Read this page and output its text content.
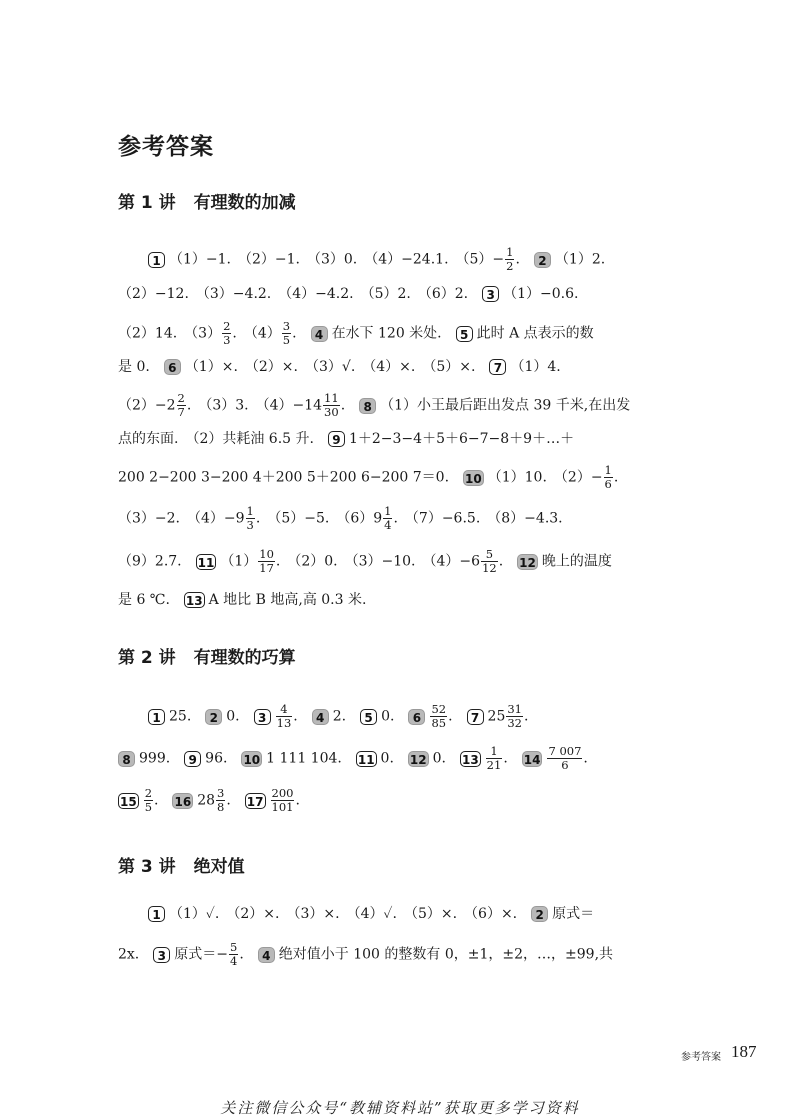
参考答案
第 1 讲 有理数的加减
1 （1）−1.　（2）−1.　（3）0.　（4）−24.1.　$(5)- \frac{1}{2}$ .　2 （1）2.
（2）−12.　（3）−4.2.　（4）−4.2.　（5）2.　（6）2.　3 （1）−0.6.
（2）14.　$(3) \frac{2}{3}$ .　$(4) \frac{3}{5}$ .　4 在水下 120 米处.　5 此时 A 点表示的数
是 0.　6 （1）×.　（2）×.　（3）√.　（4）×.　（5）×.　7 （1）4.
$(2)-2 \frac{2}{7}$ .　（3）3.　$(4)-14 \frac{11}{30}$ .　8 （1）小王最后距出发点 39 千米,在出发
点的东面.　（2）共耗油 6.5 升.　9 1＋2−3−4＋5＋6−7−8＋9＋…＋
200 2−200 3−200 4＋200 5＋200 6−200 7＝0.　10 （1）10.　$(2)- \frac{1}{6}$ .
（3）−2.　$(4)-9 \frac{1}{3}$ .　（5）−5.　$(6)9 \frac{1}{4}$ .　（7）−6.5.　（8）−4.3.
（9）2.7.　11 $(1) \frac{10}{17}$ .　（2）0.　（3）−10.　$(4)-6 \frac{5}{12}$ .　12 晚上的温度
是 6 ℃.　13 A 地比 B 地高,高 0.3 米.
第 2 讲 有理数的巧算
1 25.　2 0.　$3 \frac{4}{13}$ .　4 2.　5 0.　$6 \frac{52}{85}$ .　7 $25 \frac{31}{32}$ .
8 999.　9 96.　10 1 111 104.　11 0.　12 0.　$13 \frac{1}{21}$ .　$14 \frac{7 007}{6}$ .
$15 \frac{2}{5}$ .　16 $28 \frac{3}{8}$ .　$17 \frac{200}{101}$ .
第 3 讲 绝对值
1 （1）✓.　（2）×.　（3）×.　（4）✓.　（5）×.　（6）×.　2 原式＝
2x.　3 原式＝− $\frac{5}{4}$ .　4 绝对值小于 100 的整数有 0，±1，±2，…，±99,共
参考答案 187
关注微信公众号“教辅资料站”获取更多学习资料
